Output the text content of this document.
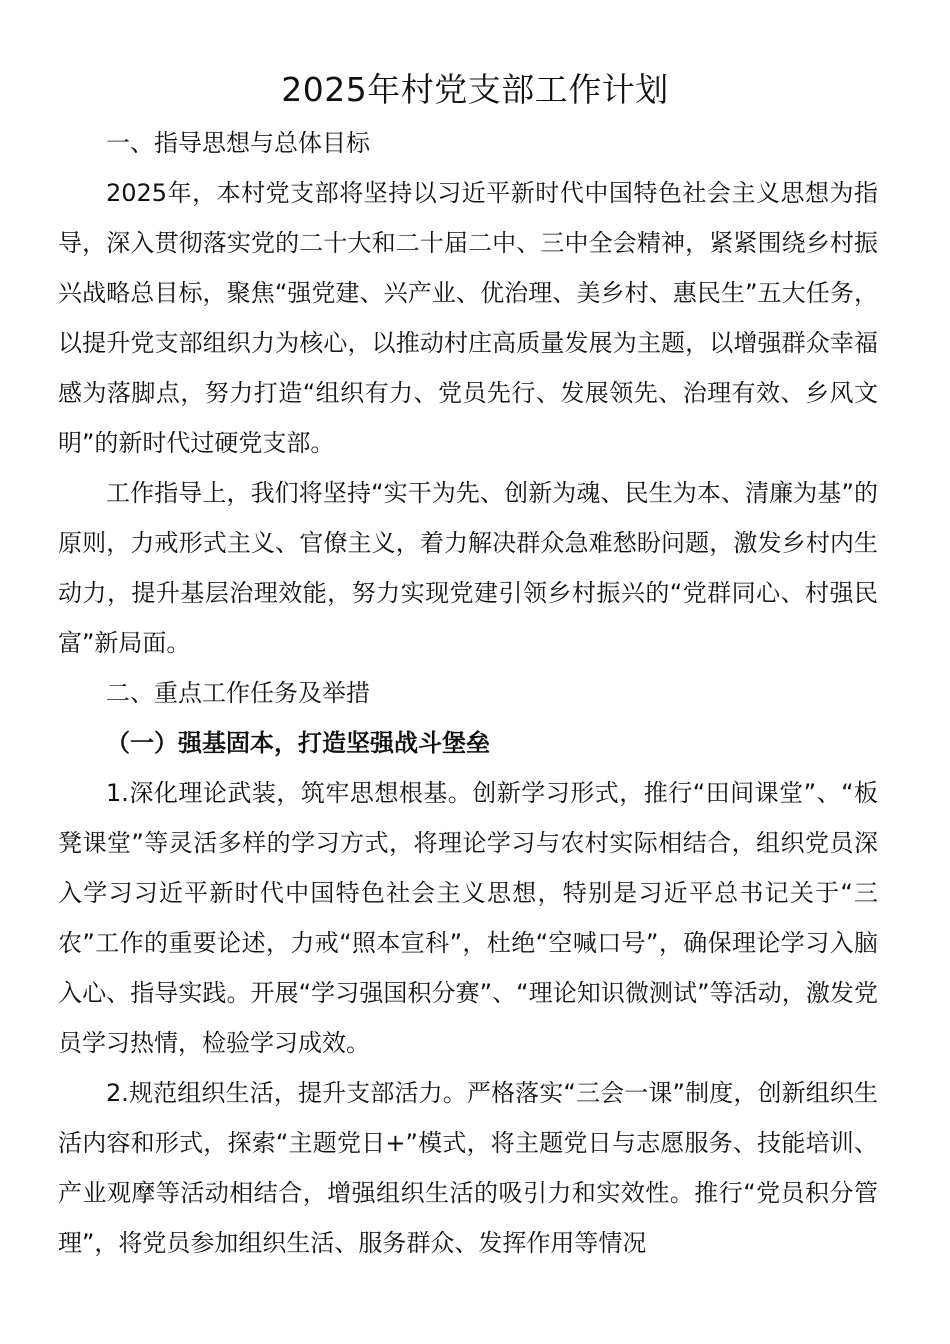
2025年村党支部工作计划

一、指导思想与总体目标

2025年，本村党支部将坚持以习近平新时代中国特色社会主义思想为指导，深入贯彻落实党的二十大和二十届二中、三中全会精神，紧紧围绕乡村振兴战略总目标，聚焦“强党建、兴产业、优治理、美乡村、惠民生”五大任务，以提升党支部组织力为核心，以推动村庄高质量发展为主题，以增强群众幸福感为落脚点，努力打造“组织有力、党员先行、发展领先、治理有效、乡风文明”的新时代过硬党支部。

工作指导上，我们将坚持“实干为先、创新为魂、民生为本、清廉为基”的原则，力戒形式主义、官僚主义，着力解决群众急难愁盼问题，激发乡村内生动力，提升基层治理效能，努力实现党建引领乡村振兴的“党群同心、村强民富”新局面。

二、重点工作任务及举措

（一）强基固本，打造坚强战斗堡垒

1.深化理论武装，筑牢思想根基。创新学习形式，推行“田间课堂”、“板凳课堂”等灵活多样的学习方式，将理论学习与农村实际相结合，组织党员深入学习习近平新时代中国特色社会主义思想，特别是习近平总书记关于“三农”工作的重要论述，力戒“照本宣科”，杜绝“空喊口号”，确保理论学习入脑入心、指导实践。开展“学习强国积分赛”、“理论知识微测试”等活动，激发党员学习热情，检验学习成效。

2.规范组织生活，提升支部活力。严格落实“三会一课”制度，创新组织生活内容和形式，探索“主题党日+”模式，将主题党日与志愿服务、技能培训、产业观摩等活动相结合，增强组织生活的吸引力和实效性。推行“党员积分管理”，将党员参加组织生活、服务群众、发挥作用等情况
